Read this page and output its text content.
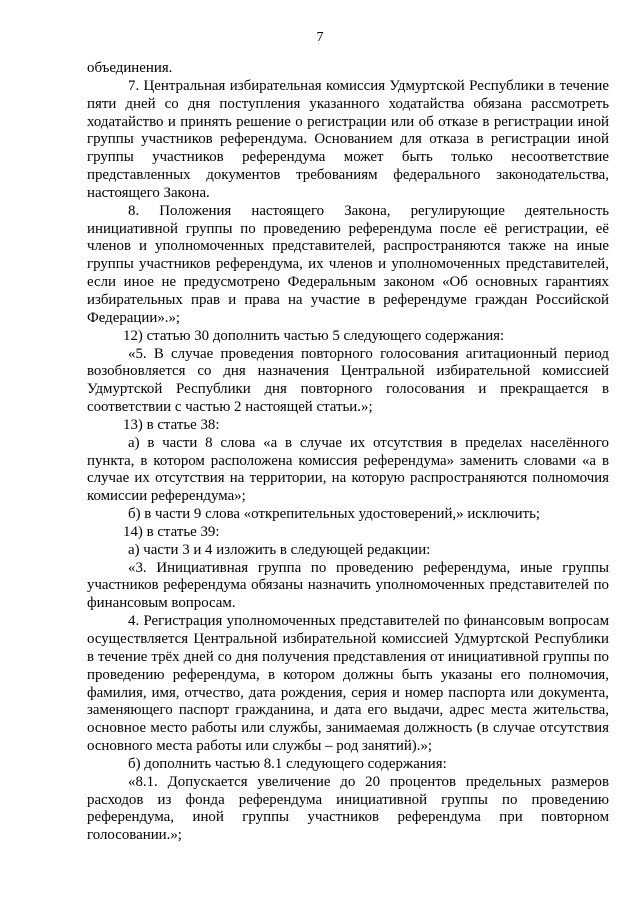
7

объединения.

7. Центральная избирательная комиссия Удмуртской Республики в течение пяти дней со дня поступления указанного ходатайства обязана рассмотреть ходатайство и принять решение о регистрации или об отказе в регистрации иной группы участников референдума. Основанием для отказа в регистрации иной группы участников референдума может быть только несоответствие представленных документов требованиям федерального законодательства, настоящего Закона.

8. Положения настоящего Закона, регулирующие деятельность инициативной группы по проведению референдума после её регистрации, её членов и уполномоченных представителей, распространяются также на иные группы участников референдума, их членов и уполномоченных представителей, если иное не предусмотрено Федеральным законом «Об основных гарантиях избирательных прав и права на участие в референдуме граждан Российской Федерации».»;

12) статью 30 дополнить частью 5 следующего содержания:

«5. В случае проведения повторного голосования агитационный период возобновляется со дня назначения Центральной избирательной комиссией Удмуртской Республики дня повторного голосования и прекращается в соответствии с частью 2 настоящей статьи.»;

13) в статье 38:

а) в части 8 слова «а в случае их отсутствия в пределах населённого пункта, в котором расположена комиссия референдума» заменить словами «а в случае их отсутствия на территории, на которую распространяются полномочия комиссии референдума»;

б) в части 9 слова «открепительных удостоверений,» исключить;

14) в статье 39:

а) части 3 и 4 изложить в следующей редакции:

«3. Инициативная группа по проведению референдума, иные группы участников референдума обязаны назначить уполномоченных представителей по финансовым вопросам.

4. Регистрация уполномоченных представителей по финансовым вопросам осуществляется Центральной избирательной комиссией Удмуртской Республики в течение трёх дней со дня получения представления от инициативной группы по проведению референдума, в котором должны быть указаны его полномочия, фамилия, имя, отчество, дата рождения, серия и номер паспорта или документа, заменяющего паспорт гражданина, и дата его выдачи, адрес места жительства, основное место работы или службы, занимаемая должность (в случае отсутствия основного места работы или службы – род занятий).»;

б) дополнить частью 8.1 следующего содержания:

«8.1. Допускается увеличение до 20 процентов предельных размеров расходов из фонда референдума инициативной группы по проведению референдума, иной группы участников референдума при повторном голосовании.»;
